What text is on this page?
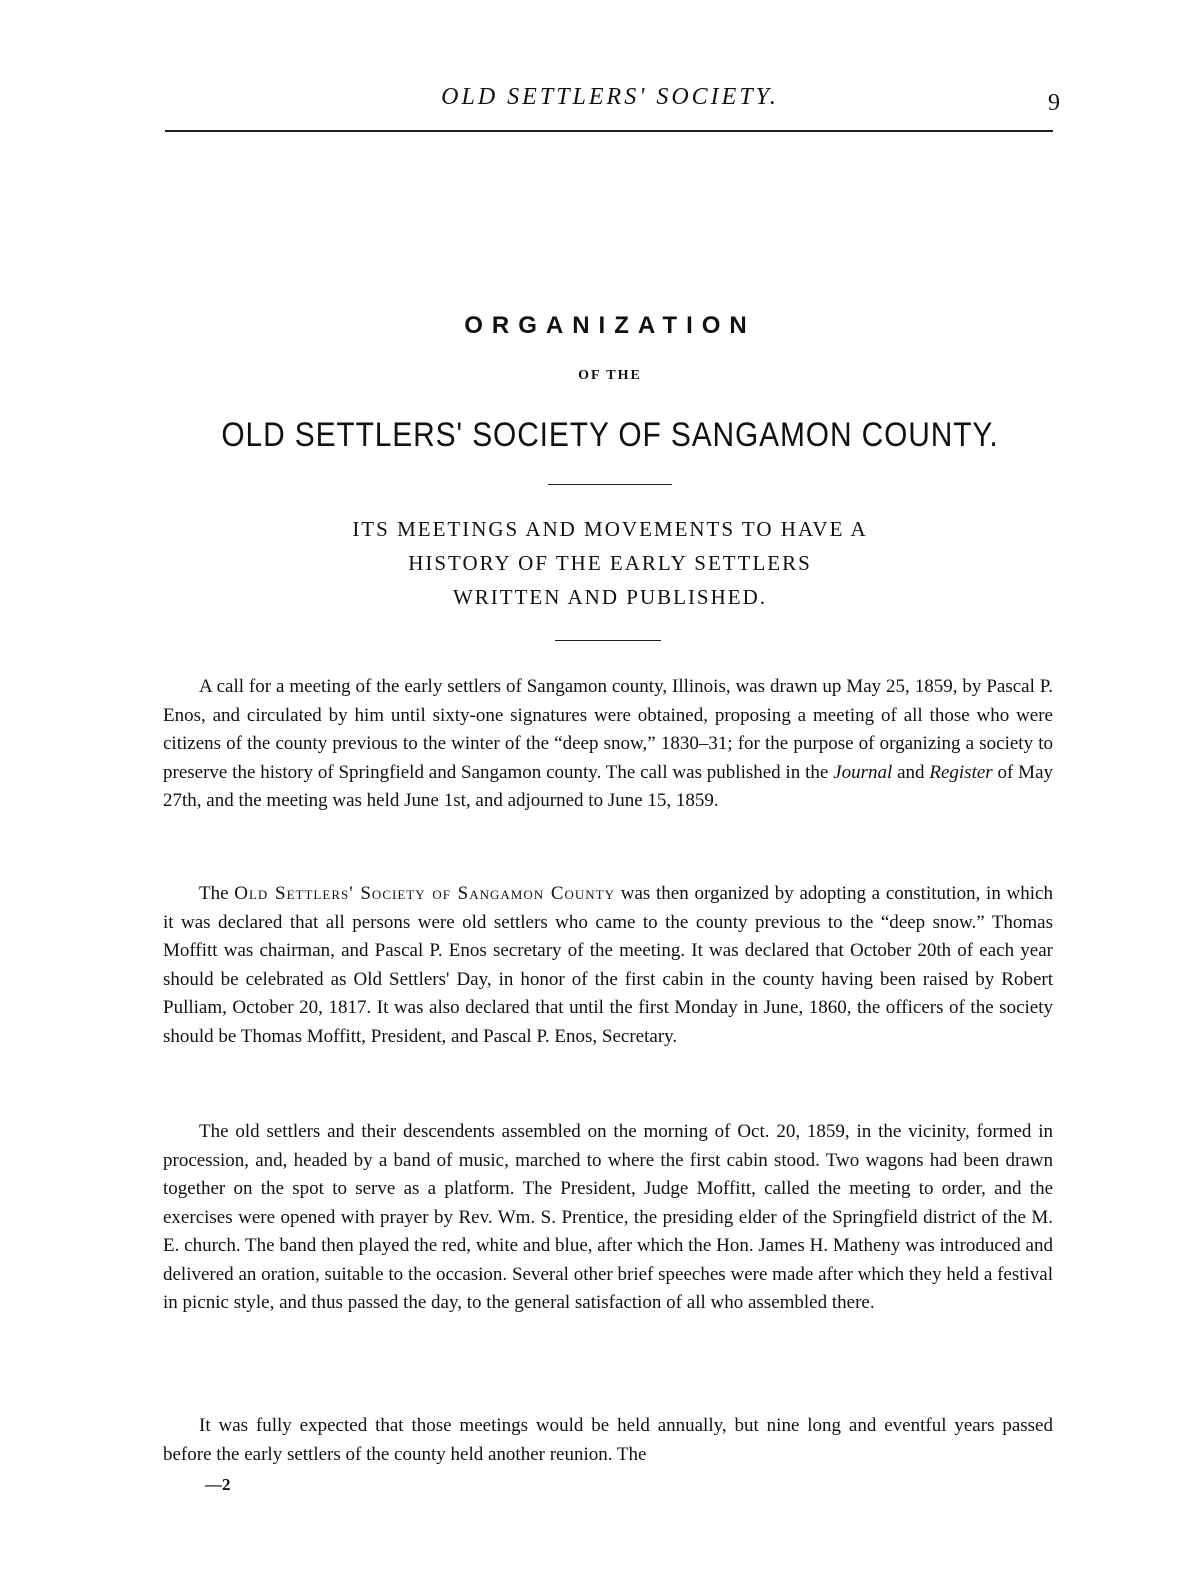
OLD SETTLERS' SOCIETY.	9
ORGANIZATION
OF THE
OLD SETTLERS' SOCIETY OF SANGAMON COUNTY.
ITS MEETINGS AND MOVEMENTS TO HAVE A
HISTORY OF THE EARLY SETTLERS
WRITTEN AND PUBLISHED.

A call for a meeting of the early settlers of Sangamon county, Illinois, was drawn up May 25, 1859, by Pascal P. Enos, and circulated by him until sixty-one signatures were obtained, proposing a meeting of all those who were citizens of the county previous to the winter of the “deep snow,” 1830–31; for the purpose of organizing a society to preserve the history of Springfield and Sangamon county. The call was published in the Journal and Register of May 27th, and the meeting was held June 1st, and adjourned to June 15, 1859.

The Old Settlers' Society of Sangamon County was then organized by adopting a constitution, in which it was declared that all persons were old settlers who came to the county previous to the “deep snow.” Thomas Moffitt was chairman, and Pascal P. Enos secretary of the meeting. It was declared that October 20th of each year should be celebrated as Old Settlers' Day, in honor of the first cabin in the county having been raised by Robert Pulliam, October 20, 1817. It was also declared that until the first Monday in June, 1860, the officers of the society should be Thomas Moffitt, President, and Pascal P. Enos, Secretary.

The old settlers and their descendents assembled on the morning of Oct. 20, 1859, in the vicinity, formed in procession, and, headed by a band of music, marched to where the first cabin stood. Two wagons had been drawn together on the spot to serve as a platform. The President, Judge Moffitt, called the meeting to order, and the exercises were opened with prayer by Rev. Wm. S. Prentice, the presiding elder of the Springfield district of the M. E. church. The band then played the red, white and blue, after which the Hon. James H. Matheny was introduced and delivered an oration, suitable to the occasion. Several other brief speeches were made after which they held a festival in picnic style, and thus passed the day, to the general satisfaction of all who assembled there.

It was fully expected that those meetings would be held annually, but nine long and eventful years passed before the early settlers of the county held another reunion. The

—2
